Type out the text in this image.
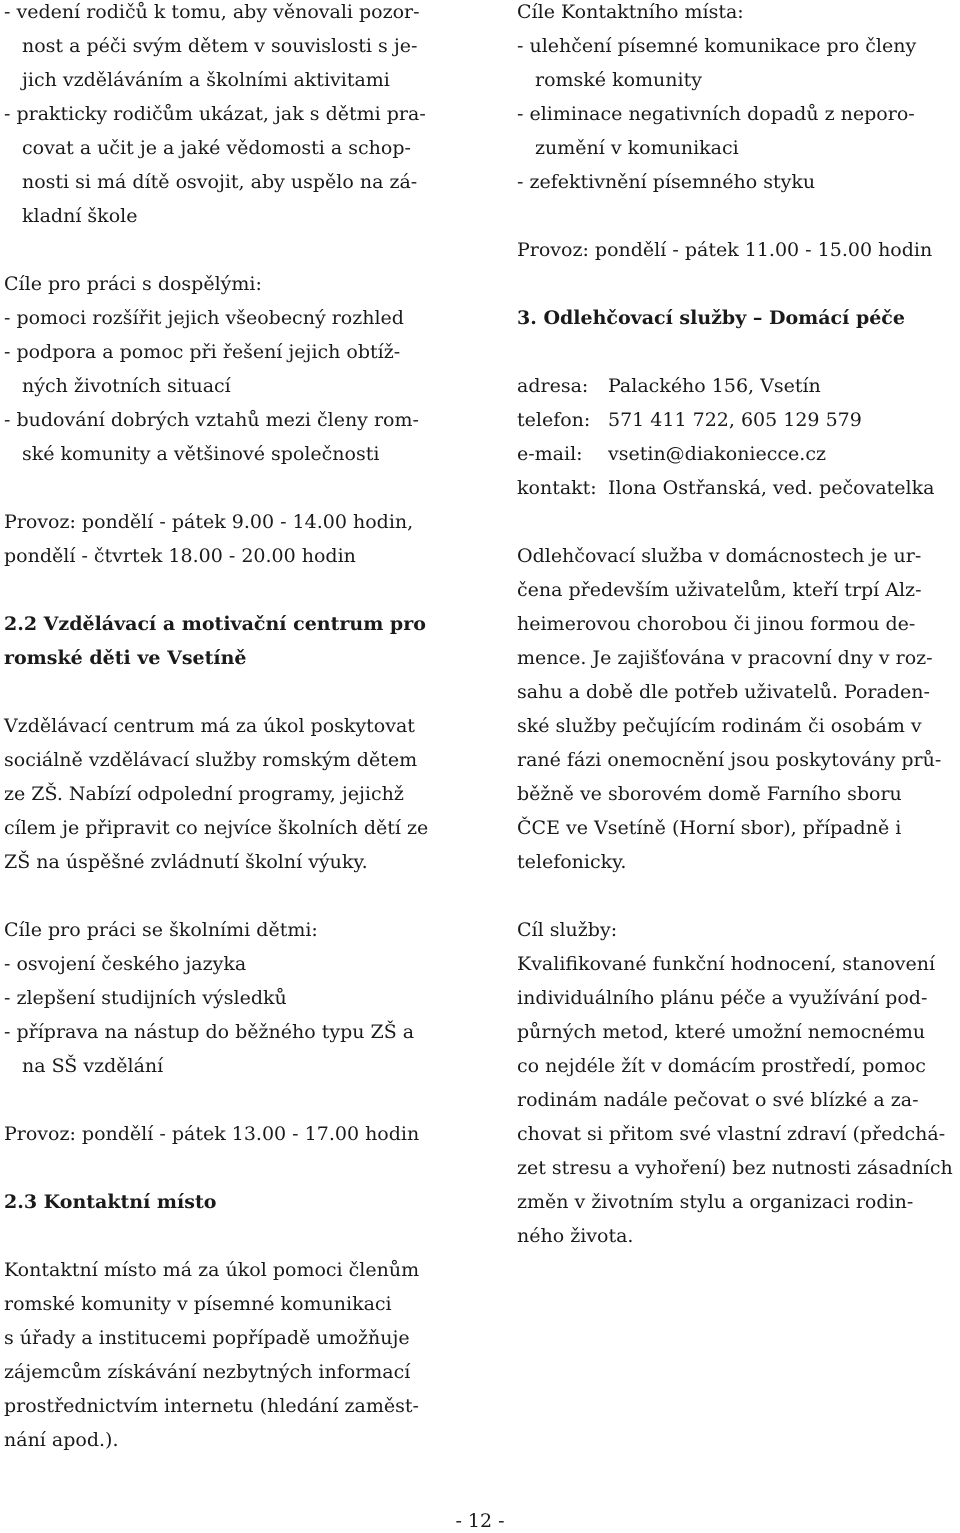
- vedení rodičů k tomu, aby věnovali pozor-
nost a péči svým dětem v souvislosti s je-
jich vzděláváním a školními aktivitami
- prakticky rodičům ukázat, jak s dětmi pra-
covat a učit je a jaké vědomosti a schop-
nosti si má dítě osvojit, aby uspělo na zá-
kladní škole
Cíle pro práci s dospělými:
- pomoci rozšířit jejich všeobecný rozhled
- podpora a pomoc při řešení jejich obtíž-
ných životních situací
- budování dobrých vztahů mezi členy rom-
ské komunity a většinové společnosti
Provoz: pondělí - pátek 9.00 - 14.00 hodin,
pondělí - čtvrtek 18.00 - 20.00 hodin
2.2 Vzdělávací a motivační centrum pro
romské děti ve Vsetíně
Vzdělávací centrum má za úkol poskytovat
sociálně vzdělávací služby romským dětem
ze ZŠ. Nabízí odpolední programy, jejichž
cílem je připravit co nejvíce školních dětí ze
ZŠ na úspěšné zvládnutí školní výuky.
Cíle pro práci se školními dětmi:
- osvojení českého jazyka
- zlepšení studijních výsledků
- příprava na nástup do běžného typu ZŠ a
na SŠ vzdělání
Provoz: pondělí - pátek 13.00 - 17.00 hodin
2.3 Kontaktní místo
Kontaktní místo má za úkol pomoci členům
romské komunity v písemné komunikaci
s úřady a institucemi popřípadě umožňuje
zájemcům získávání nezbytných informací
prostřednictvím internetu (hledání zaměst-
nání apod.).
Cíle Kontaktního místa:
- ulehčení písemné komunikace pro členy
romské komunity
- eliminace negativních dopadů z neporo-
zumění v komunikaci
- zefektivnění písemného styku
Provoz: pondělí - pátek 11.00 - 15.00 hodin
3. Odlehčovací služby – Domácí péče
adresa: Palackého 156, Vsetín
telefon: 571 411 722, 605 129 579
e-mail: vsetin@diakoniecce.cz
kontakt: Ilona Ostřanská, ved. pečovatelka
Odlehčovací služba v domácnostech je ur-
čena především uživatelům, kteří trpí Alz-
heimerovou chorobou či jinou formou de-
mence. Je zajišťována v pracovní dny v roz-
sahu a době dle potřeb uživatelů. Poraden-
ské služby pečujícím rodinám či osobám v
rané fázi onemocnění jsou poskytovány prů-
běžně ve sborovém domě Farního sboru
ČCE ve Vsetíně (Horní sbor), případně i
telefonicky.
Cíl služby:
Kvalifikované funkční hodnocení, stanovení
individuálního plánu péče a využívání pod-
půrných metod, které umožní nemocnému
co nejdéle žít v domácím prostředí, pomoc
rodinám nadále pečovat o své blízké a za-
chovat si přitom své vlastní zdraví (předchá-
zet stresu a vyhoření) bez nutnosti zásadních
změn v životním stylu a organizaci rodin-
ného života.
- 12 -
